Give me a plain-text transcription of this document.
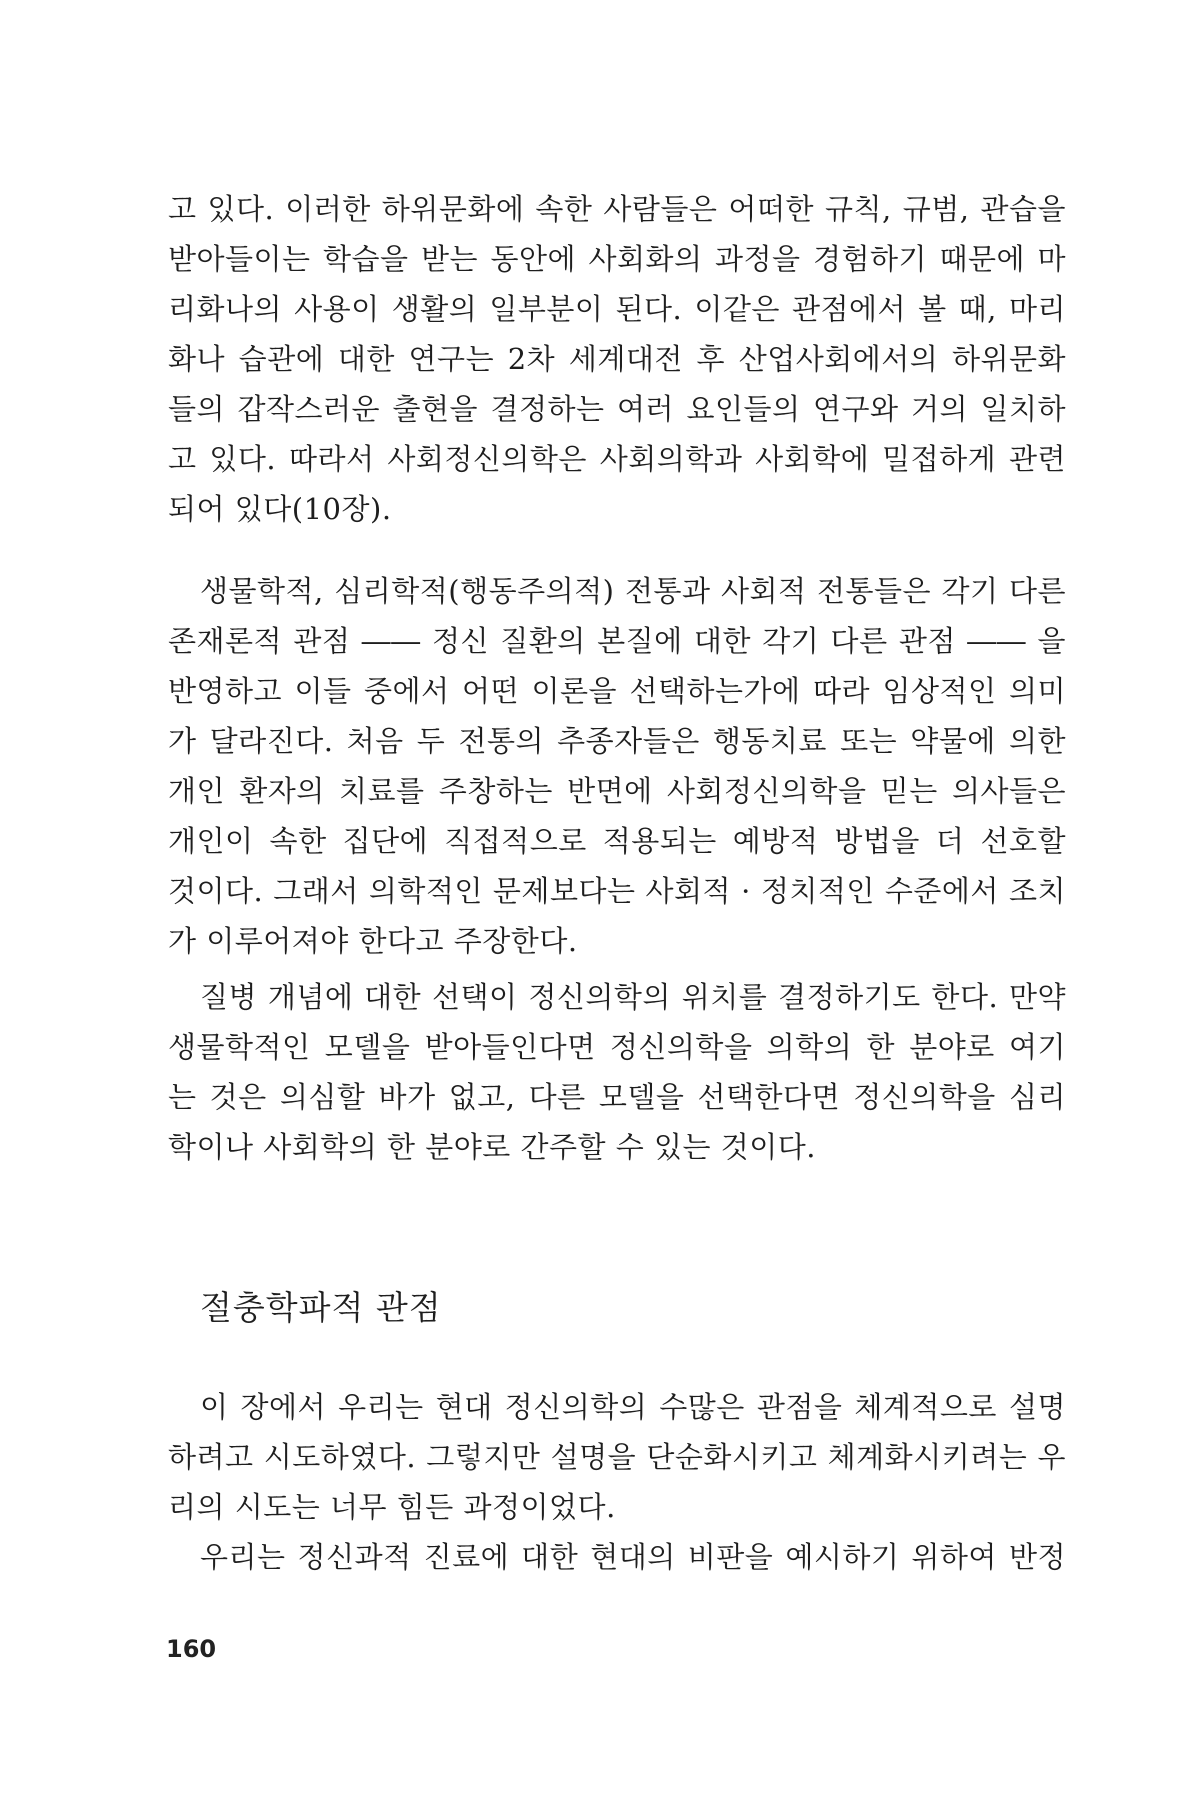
고 있다. 이러한 하위문화에 속한 사람들은 어떠한 규칙, 규범, 관습을
받아들이는 학습을 받는 동안에 사회화의 과정을 경험하기 때문에 마
리화나의 사용이 생활의 일부분이 된다. 이같은 관점에서 볼 때, 마리
화나 습관에 대한 연구는 2차 세계대전 후 산업사회에서의 하위문화
들의 갑작스러운 출현을 결정하는 여러 요인들의 연구와 거의 일치하
고 있다. 따라서 사회정신의학은 사회의학과 사회학에 밀접하게 관련
되어 있다(10장).
생물학적, 심리학적(행동주의적) 전통과 사회적 전통들은 각기 다른
존재론적 관점 ―― 정신 질환의 본질에 대한 각기 다른 관점 ―― 을
반영하고 이들 중에서 어떤 이론을 선택하는가에 따라 임상적인 의미
가 달라진다. 처음 두 전통의 추종자들은 행동치료 또는 약물에 의한
개인 환자의 치료를 주창하는 반면에 사회정신의학을 믿는 의사들은
개인이 속한 집단에 직접적으로 적용되는 예방적 방법을 더 선호할
것이다. 그래서 의학적인 문제보다는 사회적 · 정치적인 수준에서 조치
가 이루어져야 한다고 주장한다.
질병 개념에 대한 선택이 정신의학의 위치를 결정하기도 한다. 만약
생물학적인 모델을 받아들인다면 정신의학을 의학의 한 분야로 여기
는 것은 의심할 바가 없고, 다른 모델을 선택한다면 정신의학을 심리
학이나 사회학의 한 분야로 간주할 수 있는 것이다.
절충학파적 관점
이 장에서 우리는 현대 정신의학의 수많은 관점을 체계적으로 설명
하려고 시도하였다. 그렇지만 설명을 단순화시키고 체계화시키려는 우
리의 시도는 너무 힘든 과정이었다.
우리는 정신과적 진료에 대한 현대의 비판을 예시하기 위하여 반정
160
